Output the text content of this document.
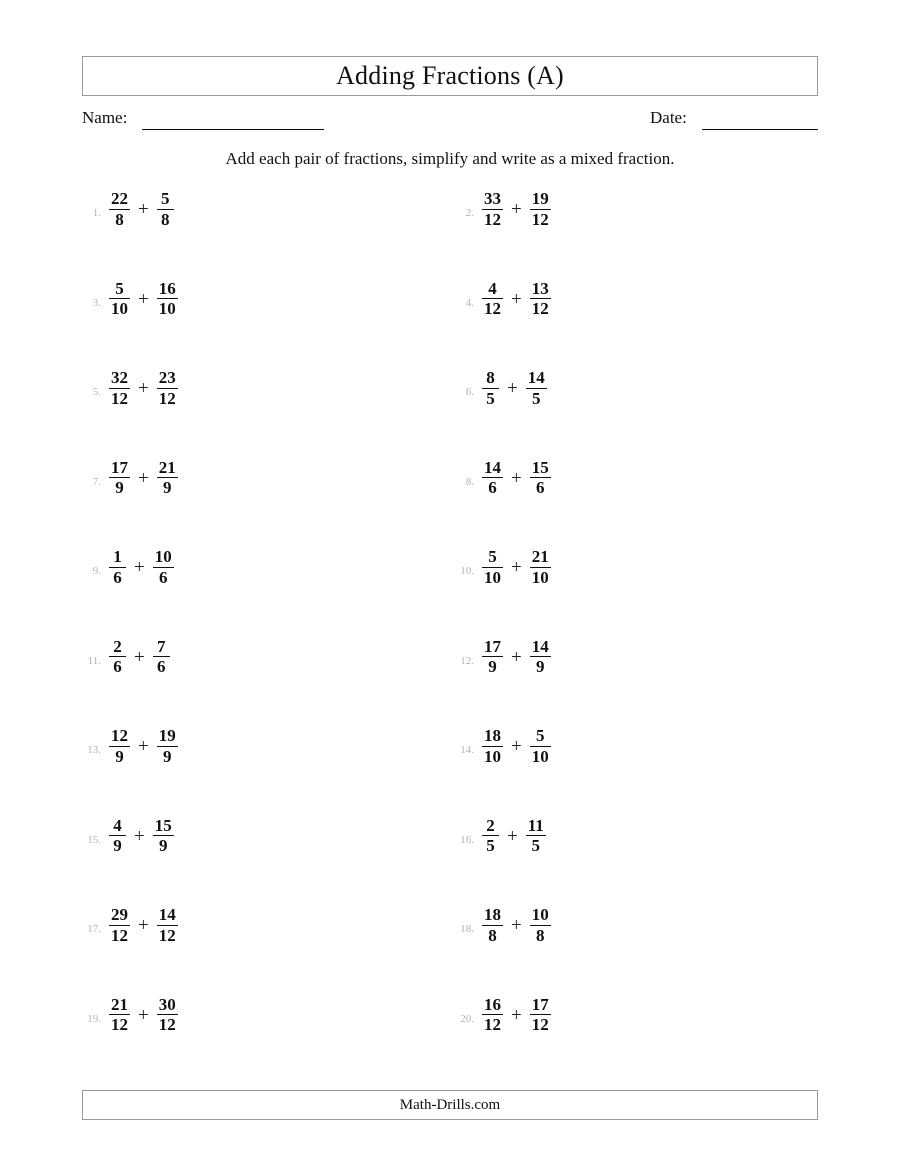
Adding Fractions (A)
Name:	Date:
Add each pair of fractions, simplify and write as a mixed fraction.
1. $\frac{22}{8} + \frac{5}{8}$	2. $\frac{33}{12} + \frac{19}{12}$
3. $\frac{5}{10} + \frac{16}{10}$	4. $\frac{4}{12} + \frac{13}{12}$
5. $\frac{32}{12} + \frac{23}{12}$	6. $\frac{8}{5} + \frac{14}{5}$
7. $\frac{17}{9} + \frac{21}{9}$	8. $\frac{14}{6} + \frac{15}{6}$
9. $\frac{1}{6} + \frac{10}{6}$	10. $\frac{5}{10} + \frac{21}{10}$
11. $\frac{2}{6} + \frac{7}{6}$	12. $\frac{17}{9} + \frac{14}{9}$
13. $\frac{12}{9} + \frac{19}{9}$	14. $\frac{18}{10} + \frac{5}{10}$
15. $\frac{4}{9} + \frac{15}{9}$	16. $\frac{2}{5} + \frac{11}{5}$
17. $\frac{29}{12} + \frac{14}{12}$	18. $\frac{18}{8} + \frac{10}{8}$
19. $\frac{21}{12} + \frac{30}{12}$	20. $\frac{16}{12} + \frac{17}{12}$
Math-Drills.com
